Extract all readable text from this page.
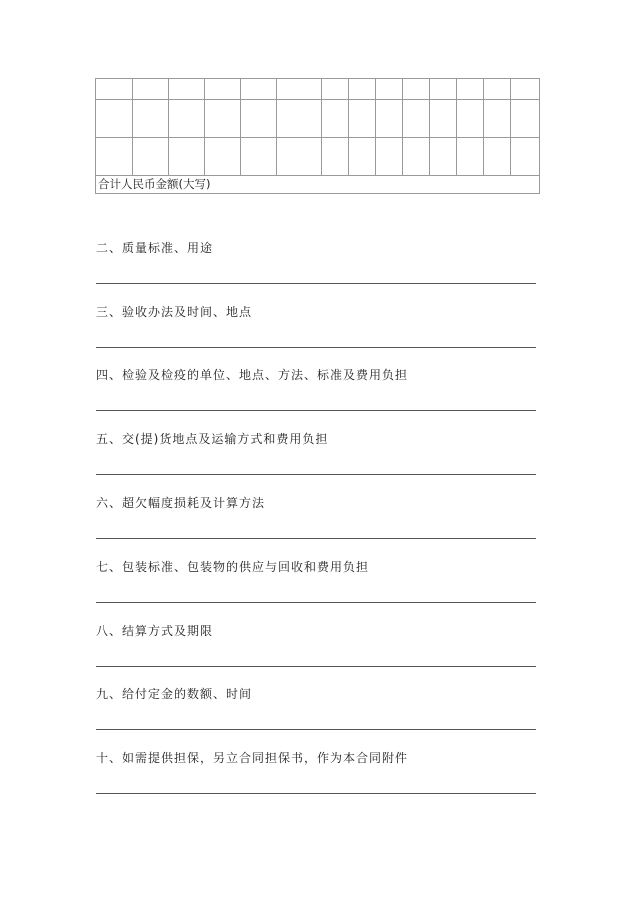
合计人民币金额(大写)													
二、质量标准、用途
三、验收办法及时间、地点
四、检验及检疫的单位、地点、方法、标准及费用负担
五、交(提)货地点及运输方式和费用负担
六、超欠幅度损耗及计算方法
七、包装标准、包装物的供应与回收和费用负担
八、结算方式及期限
九、给付定金的数额、时间
十、如需提供担保，另立合同担保书，作为本合同附件
